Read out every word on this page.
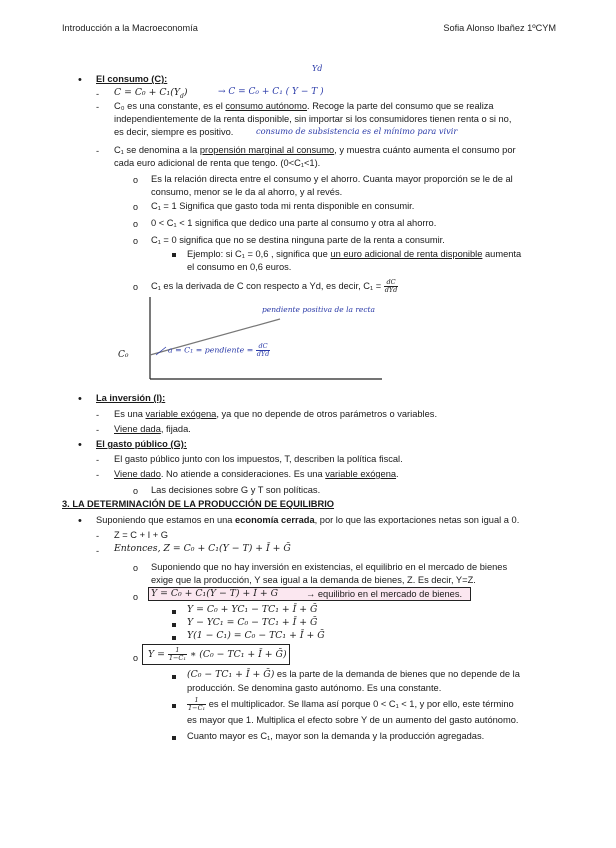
Introducción a la Macroeconomía	Sofia Alonso Ibañez 1ºCYM
• El consumo (C):
Yd
- $C = C_0 + C_1(Y_d)$	→ C = C₀ + C₁ ( Y − T )
- C₀ es una constante, es el consumo autónomo. Recoge la parte del consumo que se realiza
independientemente de la renta disponible, sin importar si los consumidores tienen renta o si no,
es decir, siempre es positivo.	consumo de subsistencia es el mínimo para vivir
- C₁ se denomina a la propensión marginal al consumo, y muestra cuánto aumenta el consumo por
cada euro adicional de renta que tengo. (0<C₁<1).
o Es la relación directa entre el consumo y el ahorro. Cuanta mayor proporción se le de al
consumo, menor se le da al ahorro, y al revés.
o C₁ = 1 Significa que gasto toda mi renta disponible en consumir.
o 0 < C₁ < 1 significa que dedico una parte al consumo y otra al ahorro.
o C₁ = 0 significa que no se destina ninguna parte de la renta a consumir.
Ejemplo: si C₁ = 0,6 , significa que un euro adicional de renta disponible aumenta
el consumo en 0,6 euros.
o C₁ es la derivada de C con respecto a Yd, es decir, $C_1 = \frac{dC}{\text{dYd}}$
pendiente positiva de la recta
C₀	a = C₁ = pendiente = $\frac{dC}{\text{dYd}}$
• La inversión (I):
- Es una variable exógena, ya que no depende de otros parámetros o variables.
- Viene dada, fijada.
• El gasto público (G):
- El gasto público junto con los impuestos, T, describen la política fiscal.
- Viene dado. No atiende a consideraciones. Es una variable exógena.
o Las decisiones sobre G y T son políticas.
3. LA DETERMINACIÓN DE LA PRODUCCIÓN DE EQUILIBRIO
• Suponiendo que estamos en una economía cerrada, por lo que las exportaciones netas son igual a 0.
- Z = C + I + G
- Entonces, Z = C₀ + C₁(Y − T) + Ī + Ḡ
o Suponiendo que no hay inversión en existencias, el equilibrio en el mercado de bienes
exige que la producción, Y sea igual a la demanda de bienes, Z. Es decir, Y=Z.
o Y = C₀ + C₁(Y − T) + Ī + Ḡ	→ equilibrio en el mercado de bienes.
Y = C₀ + YC₁ − TC₁ + Ī + Ḡ
Y − YC₁ = C₀ − TC₁ + Ī + Ḡ
Y(1 − C₁) = C₀ − TC₁ + Ī + Ḡ
o $Y = \frac{1}{\text{1−C₁}}$ ∗ (C₀ − TC₁ + Ī + Ḡ)
(C₀ − TC₁ + Ī + Ḡ) es la parte de la demanda de bienes que no depende de la
producción. Se denomina gasto autónomo. Es una constante.
$\frac{1}{\text{1−C₁}}$ es el multiplicador. Se llama así porque 0 < C₁ < 1, y por ello, este término
es mayor que 1. Multiplica el efecto sobre Y de un aumento del gasto autónomo.
Cuanto mayor es C₁, mayor son la demanda y la producción agregadas.
